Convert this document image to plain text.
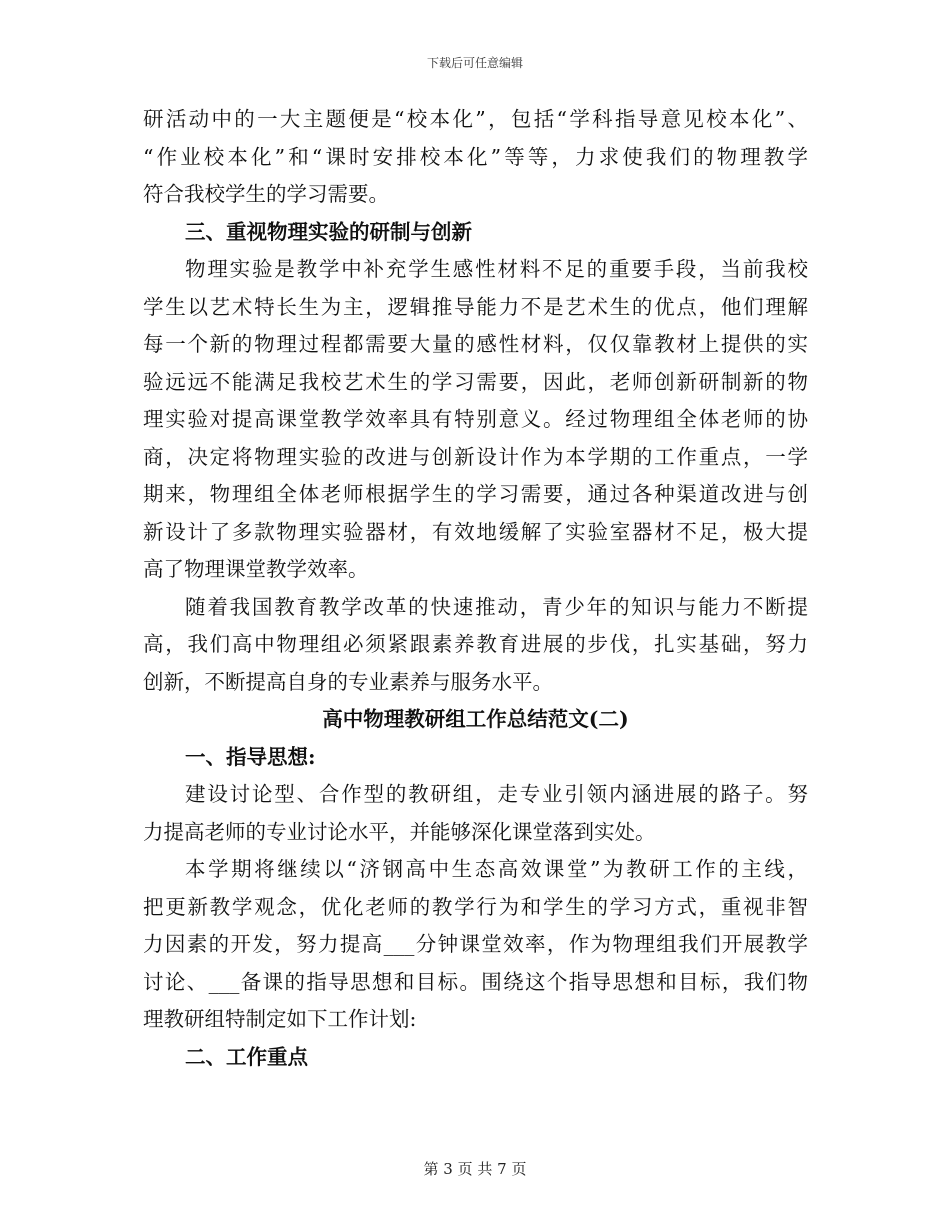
下载后可任意编辑
研活动中的一大主题便是“校本化”，包括“学科指导意见校本化”、
“作业校本化”和“课时安排校本化”等等，力求使我们的物理教学
符合我校学生的学习需要。
三、重视物理实验的研制与创新
物理实验是教学中补充学生感性材料不足的重要手段，当前我校
学生以艺术特长生为主，逻辑推导能力不是艺术生的优点，他们理解
每一个新的物理过程都需要大量的感性材料，仅仅靠教材上提供的实
验远远不能满足我校艺术生的学习需要，因此，老师创新研制新的物
理实验对提高课堂教学效率具有特别意义。经过物理组全体老师的协
商，决定将物理实验的改进与创新设计作为本学期的工作重点，一学
期来，物理组全体老师根据学生的学习需要，通过各种渠道改进与创
新设计了多款物理实验器材，有效地缓解了实验室器材不足，极大提
高了物理课堂教学效率。
随着我国教育教学改革的快速推动，青少年的知识与能力不断提
高，我们高中物理组必须紧跟素养教育进展的步伐，扎实基础，努力
创新，不断提高自身的专业素养与服务水平。
高中物理教研组工作总结范文(二)
一、指导思想:
建设讨论型、合作型的教研组，走专业引领内涵进展的路子。努
力提高老师的专业讨论水平，并能够深化课堂落到实处。
本学期将继续以“济钢高中生态高效课堂”为教研工作的主线，
把更新教学观念，优化老师的教学行为和学生的学习方式，重视非智
力因素的开发，努力提高___分钟课堂效率，作为物理组我们开展教学
讨论、___备课的指导思想和目标。围绕这个指导思想和目标，我们物
理教研组特制定如下工作计划:
二、工作重点
第 3 页 共 7 页
